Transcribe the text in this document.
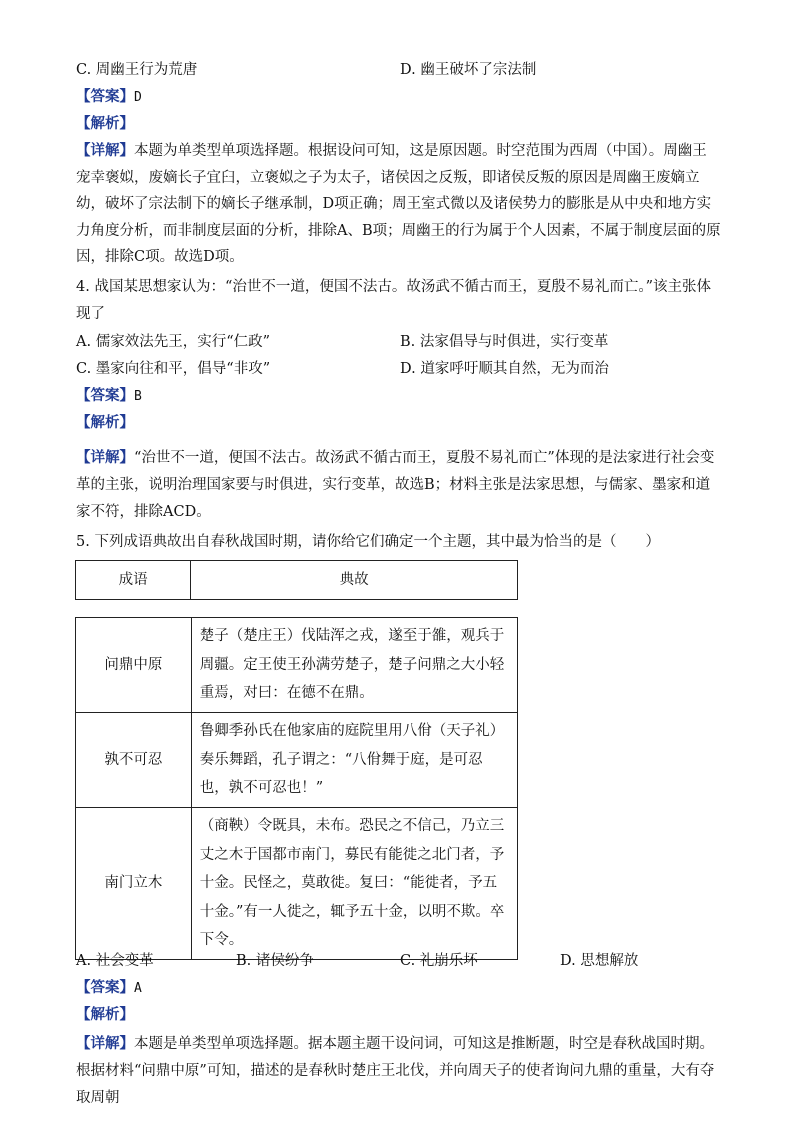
C. 周幽王行为荒唐	D. 幽王破坏了宗法制
【答案】D
【解析】
【详解】本题为单类型单项选择题。根据设问可知，这是原因题。时空范围为西周（中国）。周幽王宠幸褒姒，废嫡长子宜臼，立褒姒之子为太子，诸侯因之反叛，即诸侯反叛的原因是周幽王废嫡立幼，破坏了宗法制下的嫡长子继承制，D项正确；周王室式微以及诸侯势力的膨胀是从中央和地方实力角度分析，而非制度层面的分析，排除A、B项；周幽王的行为属于个人因素，不属于制度层面的原因，排除C项。故选D项。
4. 战国某思想家认为：“治世不一道，便国不法古。故汤武不循古而王，夏殷不易礼而亡。”该主张体现了
A. 儒家效法先王，实行“仁政”	B. 法家倡导与时俱进，实行变革
C. 墨家向往和平，倡导“非攻”	D. 道家呼吁顺其自然，无为而治
【答案】B
【解析】
【详解】“治世不一道，便国不法古。故汤武不循古而王，夏殷不易礼而亡”体现的是法家进行社会变革的主张，说明治理国家要与时俱进，实行变革，故选B；材料主张是法家思想，与儒家、墨家和道家不符，排除ACD。
5. 下列成语典故出自春秋战国时期，请你给它们确定一个主题，其中最为恰当的是（　　）
成语	典故
问鼎中原	楚子（楚庄王）伐陆浑之戎，遂至于雒，观兵于周疆。定王使王孙满劳楚子，楚子问鼎之大小轻重焉，对曰：在德不在鼎。
孰不可忍	鲁卿季孙氏在他家庙的庭院里用八佾（天子礼）奏乐舞蹈，孔子谓之：“八佾舞于庭，是可忍也，孰不可忍也！”
南门立木	（商鞅）令既具，未布。恐民之不信己，乃立三丈之木于国都市南门，募民有能徙之北门者，予十金。民怪之，莫敢徙。复曰：“能徙者，予五十金。”有一人徙之，辄予五十金，以明不欺。卒下令。
A. 社会变革	B. 诸侯纷争	C. 礼崩乐坏	D. 思想解放
【答案】A
【解析】
【详解】本题是单类型单项选择题。据本题主题干设问词，可知这是推断题，时空是春秋战国时期。根据材料“问鼎中原”可知，描述的是春秋时楚庄王北伐，并向周天子的使者询问九鼎的重量，大有夺取周朝
